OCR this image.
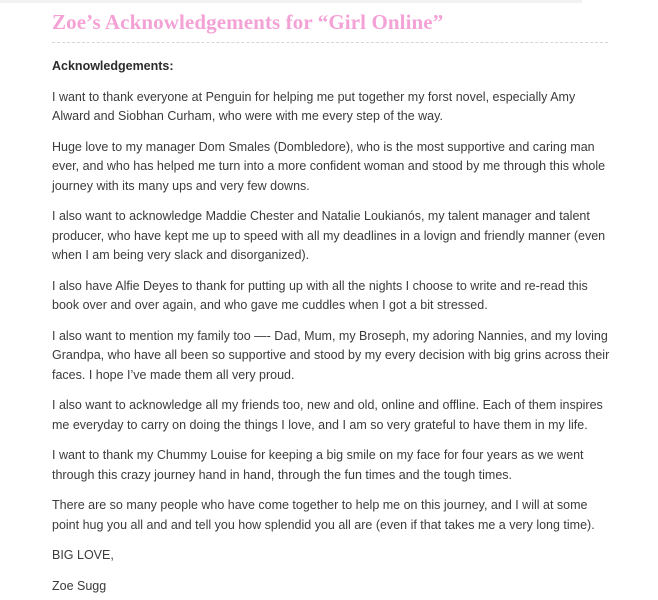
Zoe’s Acknowledgements for “Girl Online”

Acknowledgements:

I want to thank everyone at Penguin for helping me put together my forst novel, especially Amy Alward and Siobhan Curham, who were with me every step of the way.

Huge love to my manager Dom Smales (Dombledore), who is the most supportive and caring man ever, and who has helped me turn into a more confident woman and stood by me through this whole journey with its many ups and very few downs.

I also want to acknowledge Maddie Chester and Natalie Loukianós, my talent manager and talent producer, who have kept me up to speed with all my deadlines in a lovign and friendly manner (even when I am being very slack and disorganized).

I also have Alfie Deyes to thank for putting up with all the nights I choose to write and re-read this book over and over again, and who gave me cuddles when I got a bit stressed.

I also want to mention my family too —- Dad, Mum, my Broseph, my adoring Nannies, and my loving Grandpa, who have all been so supportive and stood by my every decision with big grins across their faces. I hope I’ve made them all very proud.

I also want to acknowledge all my friends too, new and old, online and offline. Each of them inspires me everyday to carry on doing the things I love, and I am so very grateful to have them in my life.

I want to thank my Chummy Louise for keeping a big smile on my face for four years as we went through this crazy journey hand in hand, through the fun times and the tough times.

There are so many people who have come together to help me on this journey, and I will at some point hug you all and and tell you how splendid you all are (even if that takes me a very long time).

BIG LOVE,

Zoe Sugg
